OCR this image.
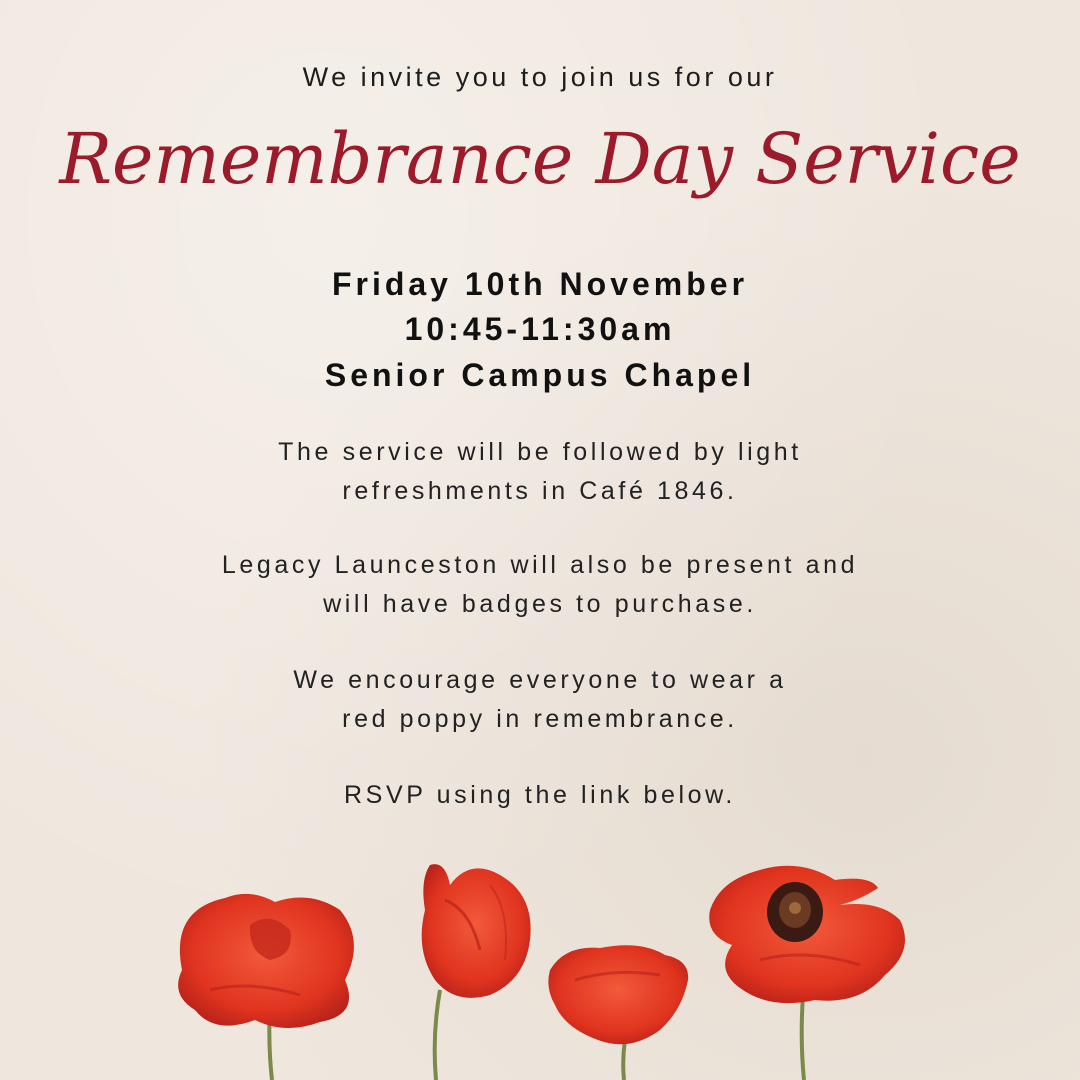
We invite you to join us for our
Remembrance Day Service
Friday 10th November
10:45-11:30am
Senior Campus Chapel
The service will be followed by light
refreshments in Café 1846.
Legacy Launceston will also be present and
will have badges to purchase.
We encourage everyone to wear a
red poppy in remembrance.
RSVP using the link below.
